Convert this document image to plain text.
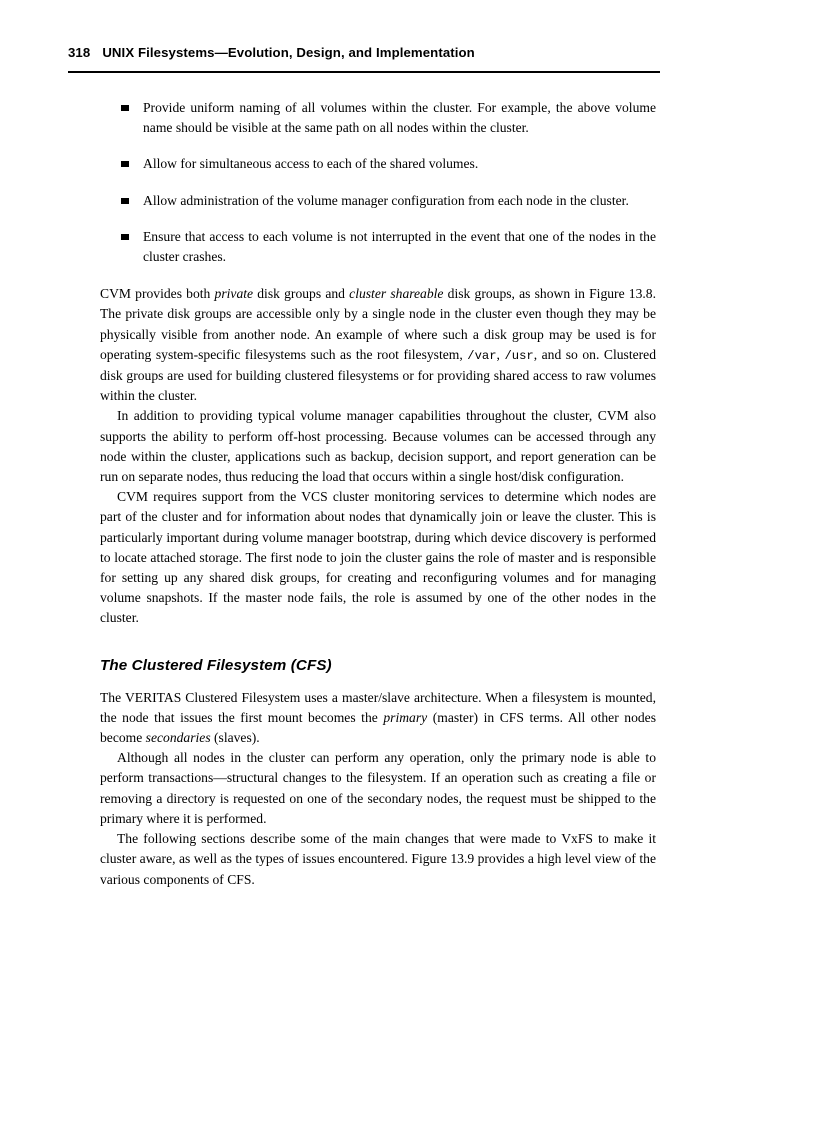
318 UNIX Filesystems—Evolution, Design, and Implementation
Provide uniform naming of all volumes within the cluster. For example, the above volume name should be visible at the same path on all nodes within the cluster.
Allow for simultaneous access to each of the shared volumes.
Allow administration of the volume manager configuration from each node in the cluster.
Ensure that access to each volume is not interrupted in the event that one of the nodes in the cluster crashes.

CVM provides both private disk groups and cluster shareable disk groups, as shown in Figure 13.8. The private disk groups are accessible only by a single node in the cluster even though they may be physically visible from another node. An example of where such a disk group may be used is for operating system-specific filesystems such as the root filesystem, /var, /usr, and so on. Clustered disk groups are used for building clustered filesystems or for providing shared access to raw volumes within the cluster.

In addition to providing typical volume manager capabilities throughout the cluster, CVM also supports the ability to perform off-host processing. Because volumes can be accessed through any node within the cluster, applications such as backup, decision support, and report generation can be run on separate nodes, thus reducing the load that occurs within a single host/disk configuration.

CVM requires support from the VCS cluster monitoring services to determine which nodes are part of the cluster and for information about nodes that dynamically join or leave the cluster. This is particularly important during volume manager bootstrap, during which device discovery is performed to locate attached storage. The first node to join the cluster gains the role of master and is responsible for setting up any shared disk groups, for creating and reconfiguring volumes and for managing volume snapshots. If the master node fails, the role is assumed by one of the other nodes in the cluster.

The Clustered Filesystem (CFS)

The VERITAS Clustered Filesystem uses a master/slave architecture. When a filesystem is mounted, the node that issues the first mount becomes the primary (master) in CFS terms. All other nodes become secondaries (slaves).

Although all nodes in the cluster can perform any operation, only the primary node is able to perform transactions—structural changes to the filesystem. If an operation such as creating a file or removing a directory is requested on one of the secondary nodes, the request must be shipped to the primary where it is performed.

The following sections describe some of the main changes that were made to VxFS to make it cluster aware, as well as the types of issues encountered. Figure 13.9 provides a high level view of the various components of CFS.
